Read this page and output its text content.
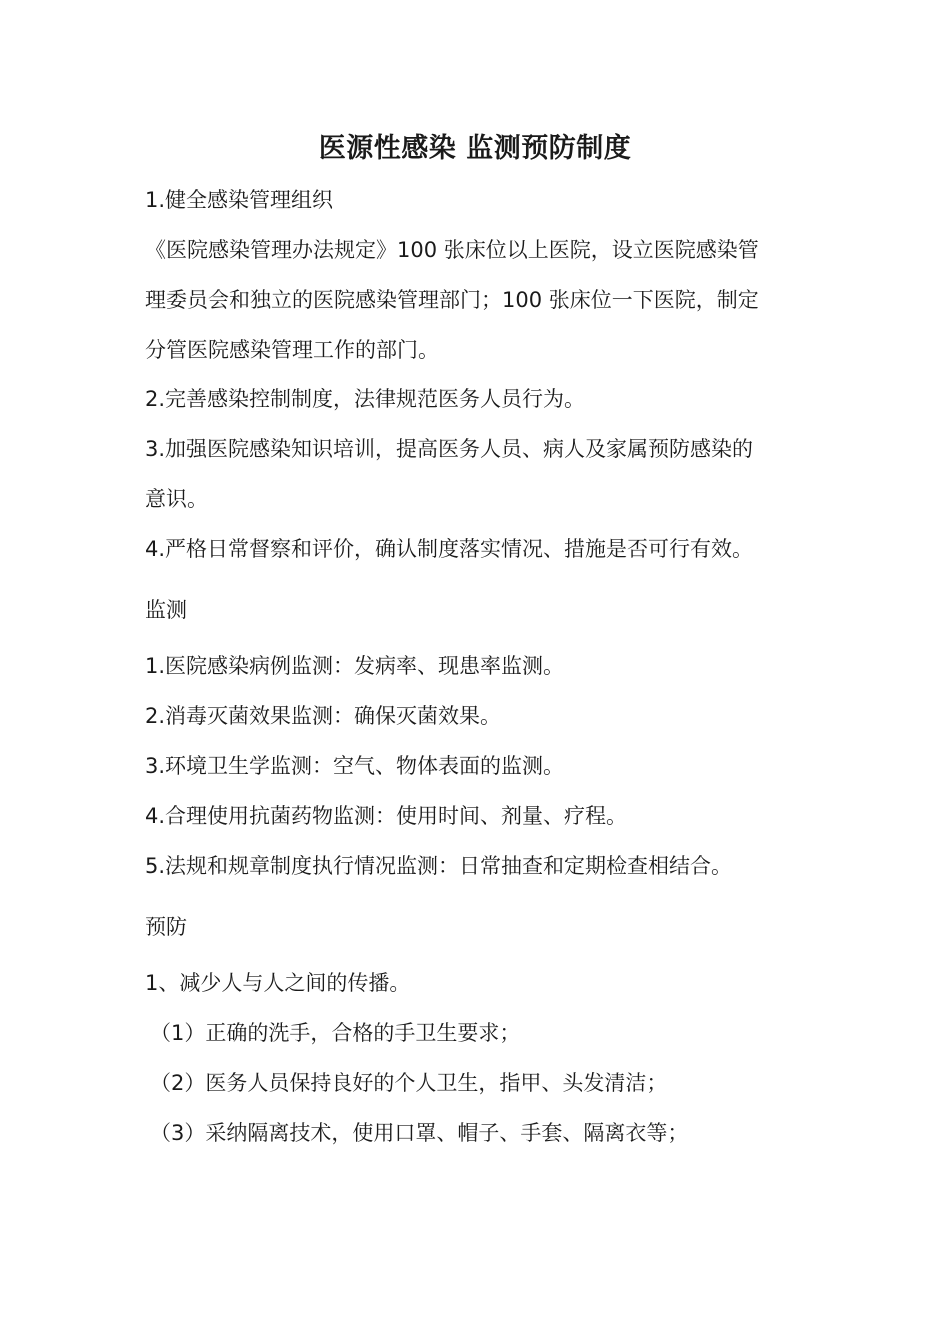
医源性感染 监测预防制度
1.健全感染管理组织
《医院感染管理办法规定》100 张床位以上医院，设立医院感染管
理委员会和独立的医院感染管理部门；100 张床位一下医院，制定
分管医院感染管理工作的部门。
2.完善感染控制制度，法律规范医务人员行为。
3.加强医院感染知识培训，提高医务人员、病人及家属预防感染的
意识。
4.严格日常督察和评价，确认制度落实情况、措施是否可行有效。
监测
1.医院感染病例监测：发病率、现患率监测。
2.消毒灭菌效果监测：确保灭菌效果。
3.环境卫生学监测：空气、物体表面的监测。
4.合理使用抗菌药物监测：使用时间、剂量、疗程。
5.法规和规章制度执行情况监测：日常抽查和定期检查相结合。
预防
1、减少人与人之间的传播。
（1）正确的洗手，合格的手卫生要求；
（2）医务人员保持良好的个人卫生，指甲、头发清洁；
（3）采纳隔离技术，使用口罩、帽子、手套、隔离衣等；
